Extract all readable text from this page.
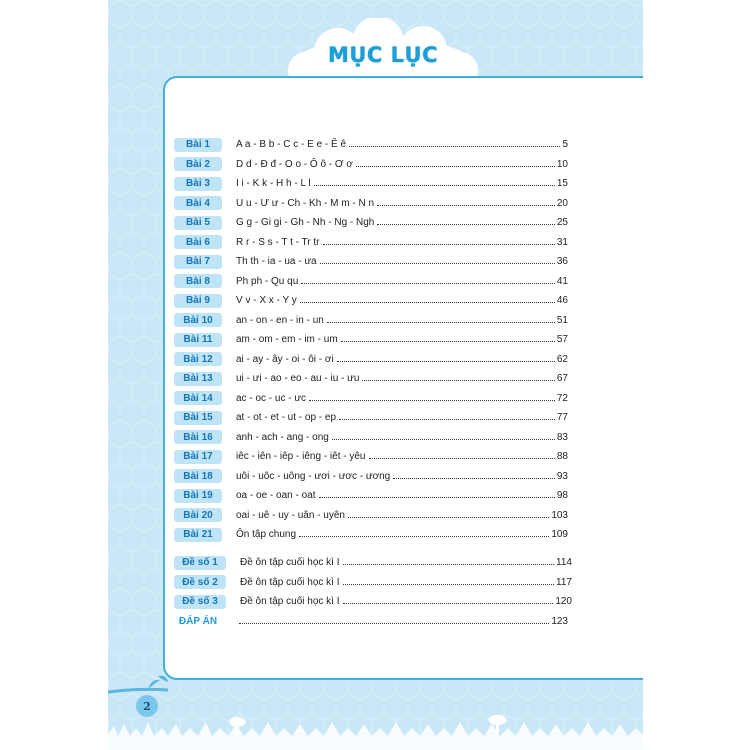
MỤC LỤC
2
Bài 1	A a - B b - C c - E e - Ê ê	5
Bài 2	D d - Đ đ - O o - Ô ô - Ơ ơ	10
Bài 3	I i - K k - H h - L l	15
Bài 4	U u - Ư ư - Ch - Kh - M m - N n	20
Bài 5	G g - Gi gi - Gh - Nh - Ng - Ngh	25
Bài 6	R r - S s - T t - Tr tr	31
Bài 7	Th th - ia - ua - ưa	36
Bài 8	Ph ph - Qu qu	41
Bài 9	V v - X x - Y y	46
Bài 10	an - on - en - in - un	51
Bài 11	am - om - em - im - um	57
Bài 12	ai - ay - ây - oi - ôi - ơi	62
Bài 13	ui - ưi - ao - eo - au - iu - ưu	67
Bài 14	ac - oc - uc - ưc	72
Bài 15	at - ot - et - ut - op - ep	77
Bài 16	anh - ach - ang - ong	83
Bài 17	iêc - iên - iêp - iêng - iêt - yêu	88
Bài 18	uôi - uôc - uông - ươi - ươc - ương	93
Bài 19	oa - oe - oan - oat	98
Bài 20	oai - uê - uy - uân - uyên	103
Bài 21	Ôn tập chung	109
Đề số 1	Đề ôn tập cuối học kì I	114
Đề số 2	Đề ôn tập cuối học kì I	117
Đề số 3	Đề ôn tập cuối học kì I	120
ĐÁP ÁN	123
